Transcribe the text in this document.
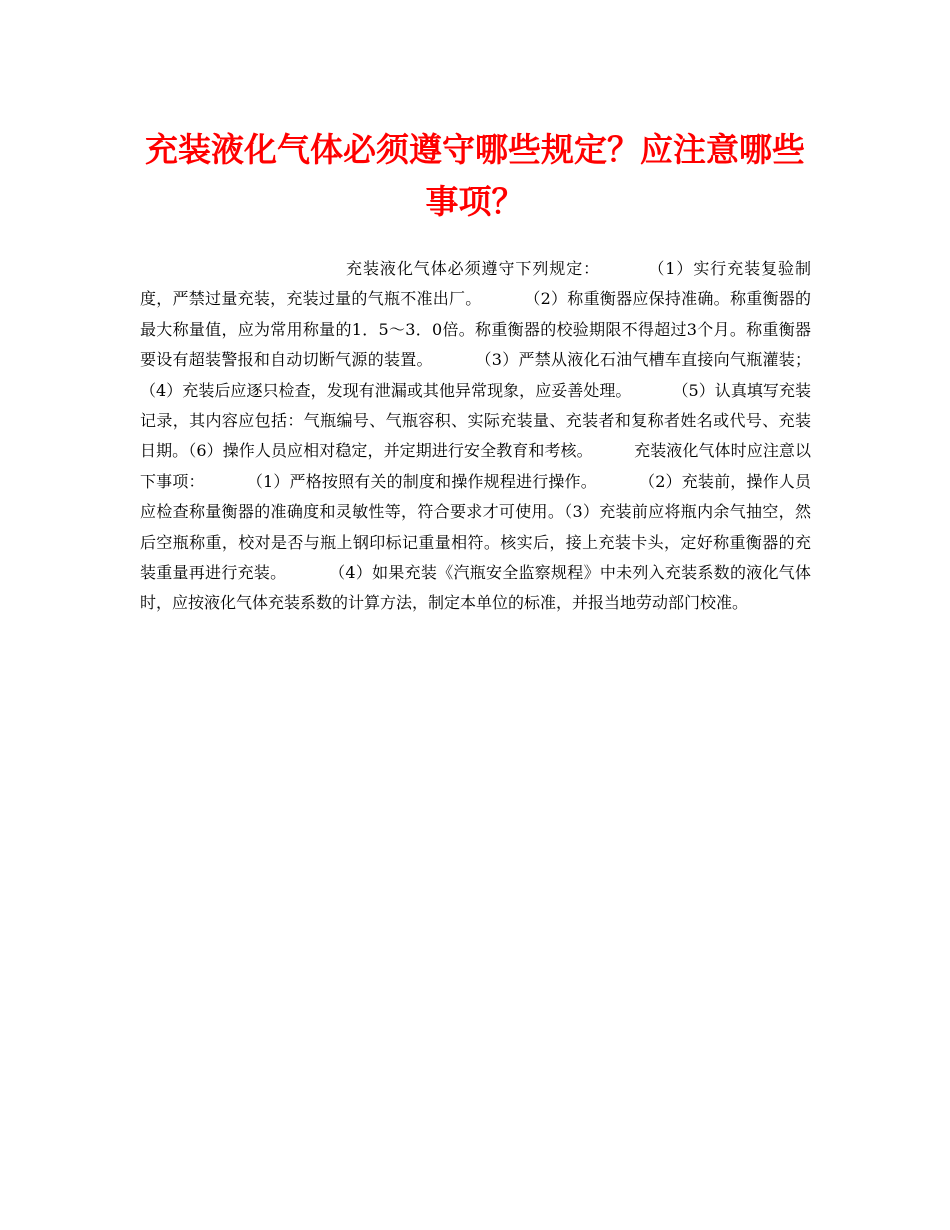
充装液化气体必须遵守哪些规定？应注意哪些事项？

充装液化气体必须遵守下列规定：        （1）实行充装复验制度，严禁过量充装，充装过量的气瓶不准出厂。        （2）称重衡器应保持准确。称重衡器的最大称量值，应为常用称量的1．5～3．0倍。称重衡器的校验期限不得超过3个月。称重衡器要设有超装警报和自动切断气源的装置。        （3）严禁从液化石油气槽车直接向气瓶灌装；        （4）充装后应逐只检查，发现有泄漏或其他异常现象，应妥善处理。        （5）认真填写充装记录，其内容应包括：气瓶编号、气瓶容积、实际充装量、充装者和复称者姓名或代号、充装日期。（6）操作人员应相对稳定，并定期进行安全教育和考核。        充装液化气体时应注意以下事项：        （1）严格按照有关的制度和操作规程进行操作。        （2）充装前，操作人员应检查称量衡器的准确度和灵敏性等，符合要求才可使用。（3）充装前应将瓶内余气抽空，然后空瓶称重，校对是否与瓶上钢印标记重量相符。核实后，接上充装卡头，定好称重衡器的充装重量再进行充装。        （4）如果充装《汽瓶安全监察规程》中未列入充装系数的液化气体时，应按液化气体充装系数的计算方法，制定本单位的标准，并报当地劳动部门校准。
